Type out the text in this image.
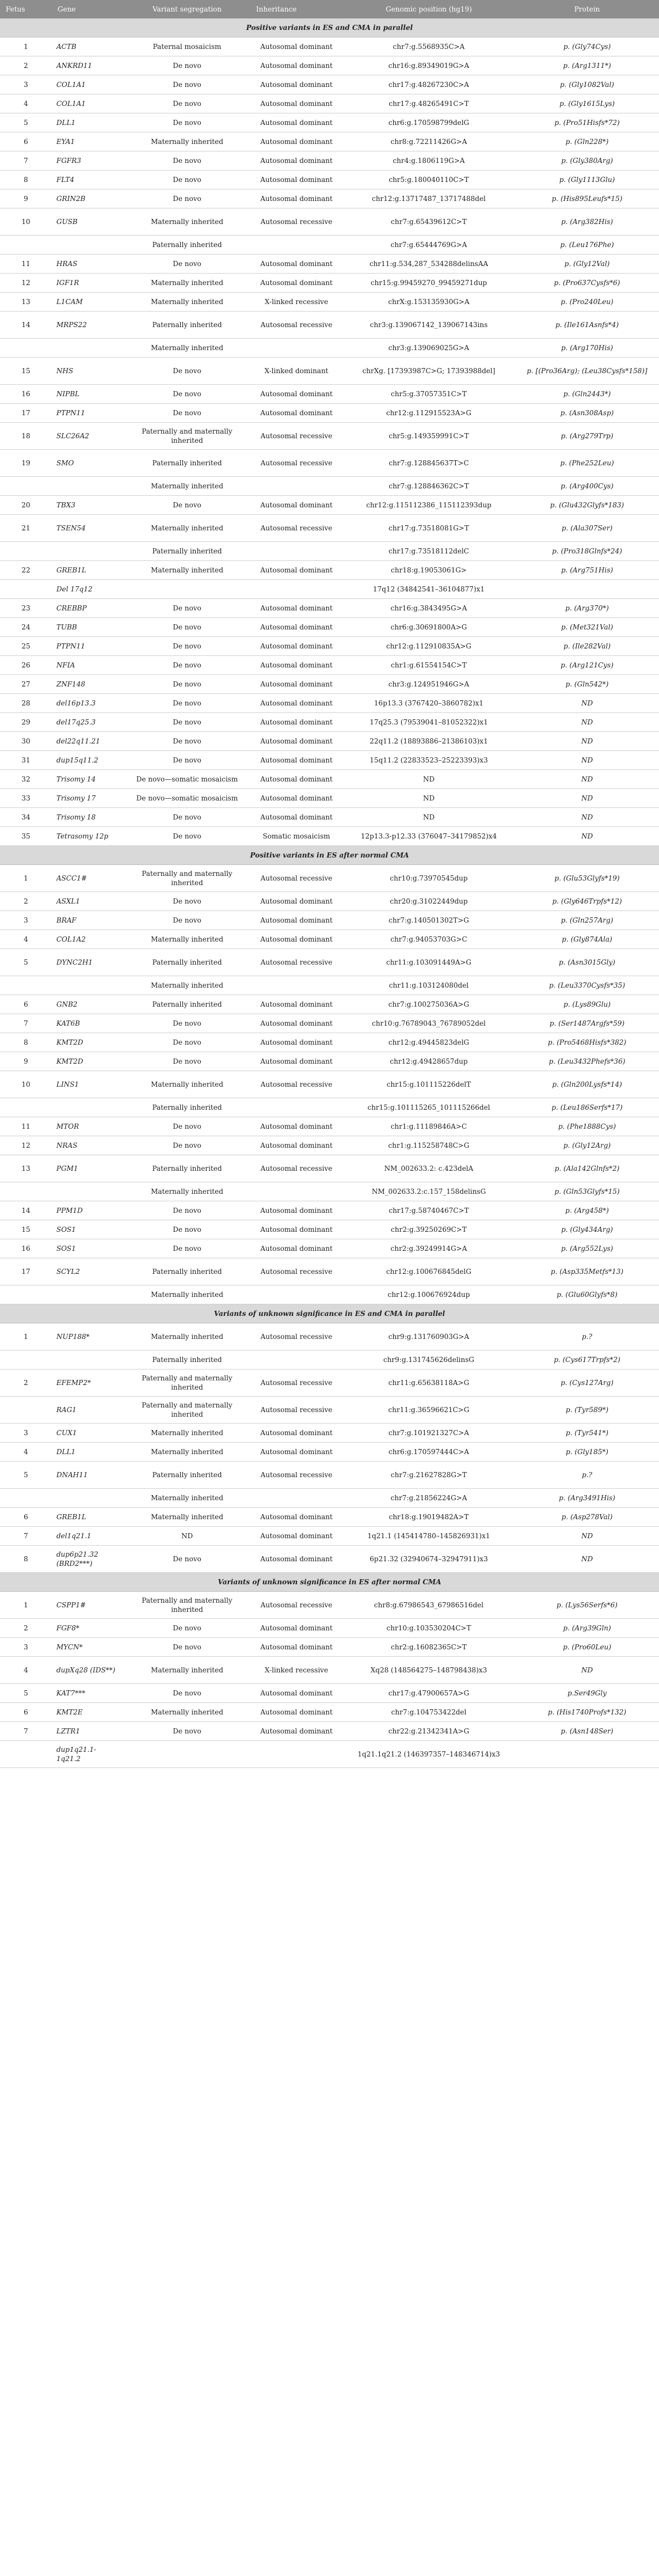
Fetus	Gene	Variant segregation	Inheritance	Genomic position (hg19)	Protein
Positive variants in ES and CMA in parallel					
1	ACTB	Paternal mosaicism	Autosomal dominant	chr7:g.5568935C>A	p. (Gly74Cys)
2	ANKRD11	De novo	Autosomal dominant	chr16:g.89349019G>A	p. (Arg1311*)
3	COL1A1	De novo	Autosomal dominant	chr17:g.48267230C>A	p. (Gly1082Val)
4	COL1A1	De novo	Autosomal dominant	chr17:g.48265491C>T	p. (Gly1615Lys)
5	DLL1	De novo	Autosomal dominant	chr6:g.170598799delG	p. (Pro51Hisfs*72)
6	EYA1	Maternally inherited	Autosomal dominant	chr8:g.72211426G>A	p. (Gln228*)
7	FGFR3	De novo	Autosomal dominant	chr4:g.1806119G>A	p. (Gly380Arg)
8	FLT4	De novo	Autosomal dominant	chr5:g.180040110C>T	p. (Gly1113Glu)
9	GRIN2B	De novo	Autosomal dominant	chr12:g.13717487_13717488del	p. (His895Leufs*15)
10	GUSB	Maternally inherited	Autosomal recessive	chr7:g.65439612C>T	p. (Arg382His)
		Paternally inherited		chr7:g.65444769G>A	p. (Leu176Phe)
11	HRAS	De novo	Autosomal dominant	chr11:g.534,287_534288delinsAA	p. (Gly12Val)
12	IGF1R	Maternally inherited	Autosomal dominant	chr15:g.99459270_99459271dup	p. (Pro637Cysfs*6)
13	L1CAM	Maternally inherited	X-linked recessive	chrX:g.153135930G>A	p. (Pro240Leu)
14	MRPS22	Paternally inherited	Autosomal recessive	chr3:g.139067142_139067143ins	p. (Ile161Asnfs*4)
		Maternally inherited		chr3:g.139069025G>A	p. (Arg170His)
15	NHS	De novo	X-linked dominant	chrXg. [17393987C>G; 17393988del]	p. [(Pro36Arg); (Leu38Cysfs*158)]
16	NIPBL	De novo	Autosomal dominant	chr5:g.37057351C>T	p. (Gln2443*)
17	PTPN11	De novo	Autosomal dominant	chr12:g.112915523A>G	p. (Asn308Asp)
18	SLC26A2	Paternally and maternally inherited	Autosomal recessive	chr5:g.149359991C>T	p. (Arg279Trp)
19	SMO	Paternally inherited	Autosomal recessive	chr7:g.128845637T>C	p. (Phe252Leu)
		Maternally inherited		chr7:g.128846362C>T	p. (Arg400Cys)
20	TBX3	De novo	Autosomal dominant	chr12:g.115112386_115112393dup	p. (Glu432Glyfs*183)
21	TSEN54	Maternally inherited	Autosomal recessive	chr17:g.73518081G>T	p. (Ala307Ser)
		Paternally inherited		chr17:g.73518112delC	p. (Pro318Glnfs*24)
22	GREB1L	Maternally inherited	Autosomal dominant	chr18:g.19053061G>	p. (Arg751His)
	Del 17q12			17q12 (34842541–36104877)x1	
23	CREBBP	De novo	Autosomal dominant	chr16:g.3843495G>A	p. (Arg370*)
24	TUBB	De novo	Autosomal dominant	chr6:g.30691800A>G	p. (Met321Val)
25	PTPN11	De novo	Autosomal dominant	chr12:g.112910835A>G	p. (Ile282Val)
26	NFIA	De novo	Autosomal dominant	chr1:g.61554154C>T	p. (Arg121Cys)
27	ZNF148	De novo	Autosomal dominant	chr3:g.124951946G>A	p. (Gln542*)
28	del16p13.3	De novo	Autosomal dominant	16p13.3 (3767420–3860782)x1	ND
29	del17q25.3	De novo	Autosomal dominant	17q25.3 (79539041–81052322)x1	ND
30	del22q11.21	De novo	Autosomal dominant	22q11.2 (18893886–21386103)x1	ND
31	dup15q11.2	De novo	Autosomal dominant	15q11.2 (22833523–25223393)x3	ND
32	Trisomy 14	De novo—somatic mosaicism	Autosomal dominant	ND	ND
33	Trisomy 17	De novo—somatic mosaicism	Autosomal dominant	ND	ND
34	Trisomy 18	De novo	Autosomal dominant	ND	ND
35	Tetrasomy 12p	De novo	Somatic mosaicism	12p13.3-p12.33 (376047–34179852)x4	ND
Positive variants in ES after normal CMA					
1	ASCC1#	Paternally and maternally inherited	Autosomal recessive	chr10:g.73970545dup	p. (Glu53Glyfs*19)
2	ASXL1	De novo	Autosomal dominant	chr20:g.31022449dup	p. (Gly646Trpfs*12)
3	BRAF	De novo	Autosomal dominant	chr7:g.140501302T>G	p. (Gln257Arg)
4	COL1A2	Maternally inherited	Autosomal dominant	chr7:g.94053703G>C	p. (Gly874Ala)
5	DYNC2H1	Paternally inherited	Autosomal recessive	chr11:g.103091449A>G	p. (Asn3015Gly)
		Maternally inherited		chr11:g.103124080del	p. (Leu3370Cysfs*35)
6	GNB2	Paternally inherited	Autosomal dominant	chr7:g.100275036A>G	p. (Lys89Glu)
7	KAT6B	De novo	Autosomal dominant	chr10:g.76789043_76789052del	p. (Ser1487Argfs*59)
8	KMT2D	De novo	Autosomal dominant	chr12:g.49445823delG	p. (Pro5468Hisfs*382)
9	KMT2D	De novo	Autosomal dominant	chr12:g.49428657dup	p. (Leu3432Phefs*36)
10	LINS1	Maternally inherited	Autosomal recessive	chr15:g.101115226delT	p. (Gln200Lysfs*14)
		Paternally inherited		chr15:g.101115265_101115266del	p. (Leu186Serfs*17)
11	MTOR	De novo	Autosomal dominant	chr1:g.11189846A>C	p. (Phe1888Cys)
12	NRAS	De novo	Autosomal dominant	chr1:g.115258748C>G	p. (Gly12Arg)
13	PGM1	Paternally inherited	Autosomal recessive	NM_002633.2: c.423delA	p. (Ala142Glnfs*2)
		Maternally inherited		NM_002633.2:c.157_158delinsG	p. (Gln53Glyfs*15)
14	PPM1D	De novo	Autosomal dominant	chr17:g.58740467C>T	p. (Arg458*)
15	SOS1	De novo	Autosomal dominant	chr2:g.39250269C>T	p. (Gly434Arg)
16	SOS1	De novo	Autosomal dominant	chr2:g.39249914G>A	p. (Arg552Lys)
17	SCYL2	Paternally inherited	Autosomal recessive	chr12:g.100676845delG	p. (Asp335Metfs*13)
		Maternally inherited		chr12:g.100676924dup	p. (Glu60Glyfs*8)
Variants of unknown significance in ES and CMA in parallel					
1	NUP188*	Maternally inherited	Autosomal recessive	chr9:g.131760903G>A	p.?
		Paternally inherited		chr9:g.131745626delinsG	p. (Cys617Trpfs*2)
2	EFEMP2*	Paternally and maternally inherited	Autosomal recessive	chr11:g.65638118A>G	p. (Cys127Arg)
	RAG1	Paternally and maternally inherited	Autosomal recessive	chr11:g.36596621C>G	p. (Tyr589*)
3	CUX1	Maternally inherited	Autosomal dominant	chr7:g.101921327C>A	p. (Tyr541*)
4	DLL1	Maternally inherited	Autosomal dominant	chr6:g.170597444C>A	p. (Gly185*)
5	DNAH11	Paternally inherited	Autosomal recessive	chr7:g.21627828G>T	p.?
		Maternally inherited		chr7:g.21856224G>A	p. (Arg3491His)
6	GREB1L	Maternally inherited	Autosomal dominant	chr18:g.19019482A>T	p. (Asp278Val)
7	del1q21.1	ND	Autosomal dominant	1q21.1 (145414780–145826931)x1	ND
8	dup6p21.32 (BRD2***)	De novo	Autosomal dominant	6p21.32 (32940674–32947911)x3	ND
Variants of unknown significance in ES after normal CMA					
1	CSPP1#	Paternally and maternally inherited	Autosomal recessive	chr8:g.67986543_67986516del	p. (Lys56Serfs*6)
2	FGF8*	De novo	Autosomal dominant	chr10:g.103530204C>T	p. (Arg39Gln)
3	MYCN*	De novo	Autosomal dominant	chr2:g.16082365C>T	p. (Pro60Leu)
4	dupXq28 (IDS**)	Maternally inherited	X-linked recessive	Xq28 (148564275–148798438)x3	ND
5	KAT7***	De novo	Autosomal dominant	chr17:g.47900657A>G	p.Ser49Gly
6	KMT2E	Maternally inherited	Autosomal dominant	chr7:g.104753422del	p. (His1740Profs*132)
7	LZTR1	De novo	Autosomal dominant	chr22:g.21342341A>G	p. (Asn148Ser)
	dup1q21.1-1q21.2			1q21.1q21.2 (146397357–148346714)x3	
